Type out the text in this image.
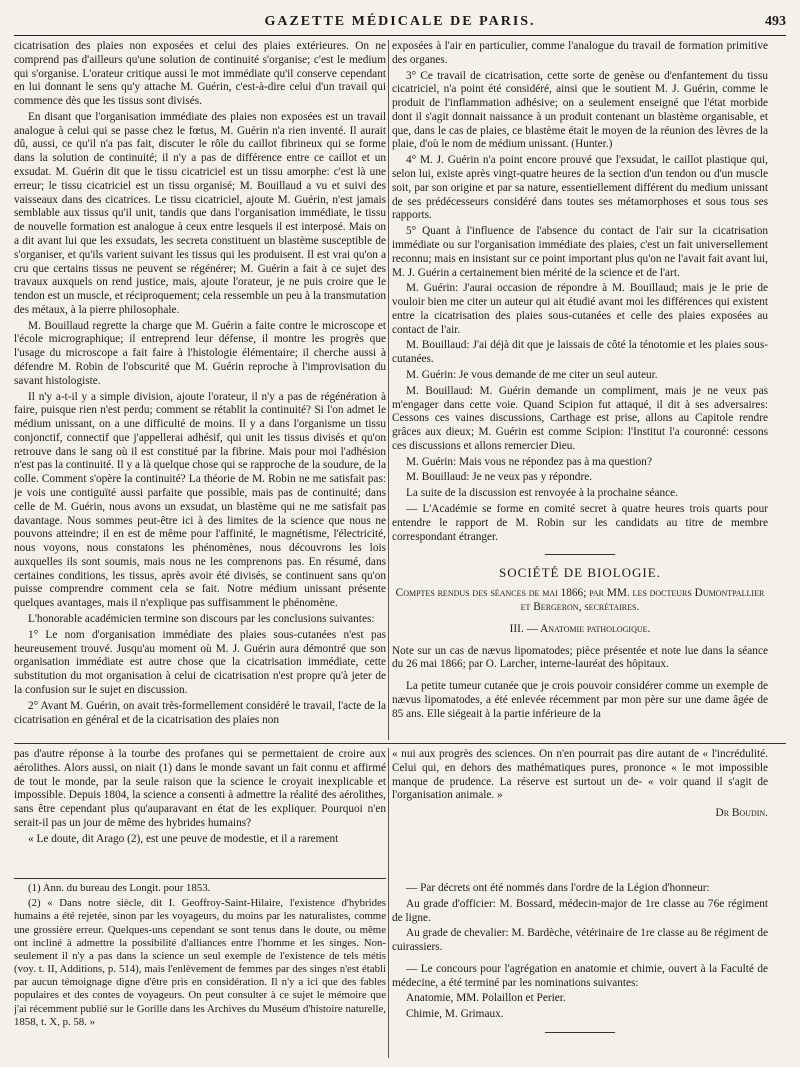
GAZETTE MÉDICALE DE PARIS.	493

cicatrisation des plaies non exposées et celui des plaies extérieures. On ne comprend pas d'ailleurs qu'une solution de continuité s'organise; c'est le medium qui s'organise. L'orateur critique aussi le mot immédiate qu'il conserve cependant en lui donnant le sens qu'y attache M. Guérin, c'est-à-dire celui d'un travail qui commence dès que les tissus sont divisés.

En disant que l'organisation immédiate des plaies non exposées est un travail analogue à celui qui se passe chez le fœtus, M. Guérin n'a rien inventé. Il aurait dû, aussi, ce qu'il n'a pas fait, discuter le rôle du caillot fibrineux qui se forme dans la solution de continuité; il n'y a pas de différence entre ce caillot et un exsudat. M. Guérin dit que le tissu cicatriciel est un tissu amorphe: c'est là une erreur; le tissu cicatriciel est un tissu organisé; M. Bouillaud a vu et suivi des vaisseaux dans des cicatrices. Le tissu cicatriciel, ajoute M. Guérin, n'est jamais semblable aux tissus qu'il unit, tandis que dans l'organisation immédiate, le tissu de nouvelle formation est analogue à ceux entre lesquels il est interposé. Mais on a dit avant lui que les exsudats, les secreta constituent un blastème susceptible de s'organiser, et qu'ils varient suivant les tissus qui les produisent. Il est vrai qu'on a cru que certains tissus ne peuvent se régénérer; M. Guérin a fait à ce sujet des travaux auxquels on rend justice, mais, ajoute l'orateur, je ne puis croire que le tendon est un muscle, et réciproquement; cela ressemble un peu à la transmutation des métaux, à la pierre philosophale.

M. Bouillaud regrette la charge que M. Guérin a faite contre le microscope et l'école micrographique; il entreprend leur défense, il montre les progrès que l'usage du microscope a fait faire à l'histologie élémentaire; il cherche aussi à défendre M. Robin de l'obscurité que M. Guérin reproche à l'improvisation du savant histologiste.

Il n'y a-t-il y a simple division, ajoute l'orateur, il n'y a pas de régénération à faire, puisque rien n'est perdu; comment se rétablit la continuité? Si l'on admet le médium unissant, on a une difficulté de moins. Il y a dans l'organisme un tissu conjonctif, connectif que j'appellerai adhésif, qui unit les tissus divisés et qu'on retrouve dans le sang où il est constitué par la fibrine. Mais pour moi l'adhésion n'est pas la continuité. Il y a là quelque chose qui se rapproche de la soudure, de la colle. Comment s'opère la continuité? La théorie de M. Robin ne me satisfait pas: je vois une contiguïté aussi parfaite que possible, mais pas de continuité; dans celle de M. Guérin, nous avons un exsudat, un blastème qui ne me satisfait pas davantage. Nous sommes peut-être ici à des limites de la science que nous ne pouvons atteindre; il en est de même pour l'affinité, le magnétisme, l'électricité, nous voyons, nous constatons les phénomènes, nous découvrons les lois auxquelles ils sont soumis, mais nous ne les comprenons pas. En résumé, dans certaines conditions, les tissus, après avoir été divisés, se continuent sans qu'on puisse comprendre comment cela se fait. Notre médium unissant présente quelques avantages, mais il n'explique pas suffisamment le phénomène.

L'honorable académicien termine son discours par les conclusions suivantes:

1° Le nom d'organisation immédiate des plaies sous-cutanées n'est pas heureusement trouvé. Jusqu'au moment où M. J. Guérin aura démontré que son organisation immédiate est autre chose que la cicatrisation immédiate, cette substitution du mot organisation à celui de cicatrisation n'est propre qu'à jeter de la confusion sur le sujet en discussion.

2° Avant M. Guérin, on avait très-formellement considéré le travail, l'acte de la cicatrisation en général et de la cicatrisation des plaies non

exposées à l'air en particulier, comme l'analogue du travail de formation primitive des organes.

3° Ce travail de cicatrisation, cette sorte de genèse ou d'enfantement du tissu cicatriciel, n'a point été considéré, ainsi que le soutient M. J. Guérin, comme le produit de l'inflammation adhésive; on a seulement enseigné que l'état morbide dont il s'agit donnait naissance à un produit contenant un blastème organisable, et que, dans le cas de plaies, ce blastème était le moyen de la réunion des lèvres de la plaie, d'où le nom de médium unissant. (Hunter.)

4° M. J. Guérin n'a point encore prouvé que l'exsudat, le caillot plastique qui, selon lui, existe après vingt-quatre heures de la section d'un tendon ou d'un muscle soit, par son origine et par sa nature, essentiellement différent du medium unissant de ses prédécesseurs considéré dans toutes ses métamorphoses et sous tous ses rapports.

5° Quant à l'influence de l'absence du contact de l'air sur la cicatrisation immédiate ou sur l'organisation immédiate des plaies, c'est un fait universellement reconnu; mais en insistant sur ce point important plus qu'on ne l'avait fait avant lui, M. J. Guérin a certainement bien mérité de la science et de l'art.

M. Guérin: J'aurai occasion de répondre à M. Bouillaud; mais je le prie de vouloir bien me citer un auteur qui ait étudié avant moi les différences qui existent entre la cicatrisation des plaies sous-cutanées et celle des plaies exposées au contact de l'air.

M. Bouillaud: J'ai déjà dit que je laissais de côté la ténotomie et les plaies sous-cutanées.

M. Guérin: Je vous demande de me citer un seul auteur.

M. Bouillaud: M. Guérin demande un compliment, mais je ne veux pas m'engager dans cette voie. Quand Scipion fut attaqué, il dit à ses adversaires: Cessons ces vaines discussions, Carthage est prise, allons au Capitole rendre grâces aux dieux; M. Guérin est comme Scipion: l'Institut l'a couronné: cessons ces discussions et allons remercier Dieu.

M. Guérin: Mais vous ne répondez pas à ma question?

M. Bouillaud: Je ne veux pas y répondre.

La suite de la discussion est renvoyée à la prochaine séance.

— L'Académie se forme en comité secret à quatre heures trois quarts pour entendre le rapport de M. Robin sur les candidats au titre de membre correspondant étranger.

SOCIÉTÉ DE BIOLOGIE.

Comptes rendus des séances de mai 1866; par MM. les docteurs Dumontpallier et Bergeron, secrétaires.

III. — Anatomie pathologique.

Note sur un cas de nævus lipomatodes; pièce présentée et note lue dans la séance du 26 mai 1866; par O. Larcher, interne-lauréat des hôpitaux.

La petite tumeur cutanée que je crois pouvoir considérer comme un exemple de nævus lipomatodes, a été enlevée récemment par mon père sur une dame âgée de 85 ans. Elle siégeait à la partie inférieure de la

pas d'autre réponse à la tourbe des profanes qui se permettaient de croire aux aérolithes. Alors aussi, on niait (1) dans le monde savant un fait connu et affirmé de tout le monde, par la seule raison que la science le croyait inexplicable et impossible. Depuis 1804, la science a consenti à admettre la réalité des aérolithes, sans être cependant plus qu'auparavant en état de les expliquer. Pourquoi n'en serait-il pas un jour de même des hybrides humains?

« Le doute, dit Arago (2), est une peuve de modestie, et il a rarement

« nui aux progrès des sciences. On n'en pourrait pas dire autant de « l'incrédulité. Celui qui, en dehors des mathématiques pures, prononce « le mot impossible manque de prudence. La réserve est surtout un de- « voir quand il s'agit de l'organisation animale. »

Dr Boudin.

(1) Ann. du bureau des Longit. pour 1853.

(2) « Dans notre siècle, dit I. Geoffroy-Saint-Hilaire, l'existence d'hybrides humains a été rejetée, sinon par les voyageurs, du moins par les naturalistes, comme une grossière erreur. Quelques-uns cependant se sont tenus dans le doute, ou même ont incliné à admettre la possibilité d'alliances entre l'homme et les singes. Non-seulement il n'y a pas dans la science un seul exemple de l'existence de tels métis (voy. t. II, Additions, p. 514), mais l'enlèvement de femmes par des singes n'est établi par aucun témoignage digne d'être pris en considération. Il n'y a ici que des fables populaires et des contes de voyageurs. On peut consulter à ce sujet le mémoire que j'ai récemment publié sur le Gorille dans les Archives du Muséum d'histoire naturelle, 1858, t. X, p. 58. »

— Par décrets ont été nommés dans l'ordre de la Légion d'honneur:

Au grade d'officier: M. Bossard, médecin-major de 1re classe au 76e régiment de ligne.

Au grade de chevalier: M. Bardèche, vétérinaire de 1re classe au 8e régiment de cuirassiers.

— Le concours pour l'agrégation en anatomie et chimie, ouvert à la Faculté de médecine, a été terminé par les nominations suivantes:

Anatomie, MM. Polaillon et Perier.

Chimie, M. Grimaux.
